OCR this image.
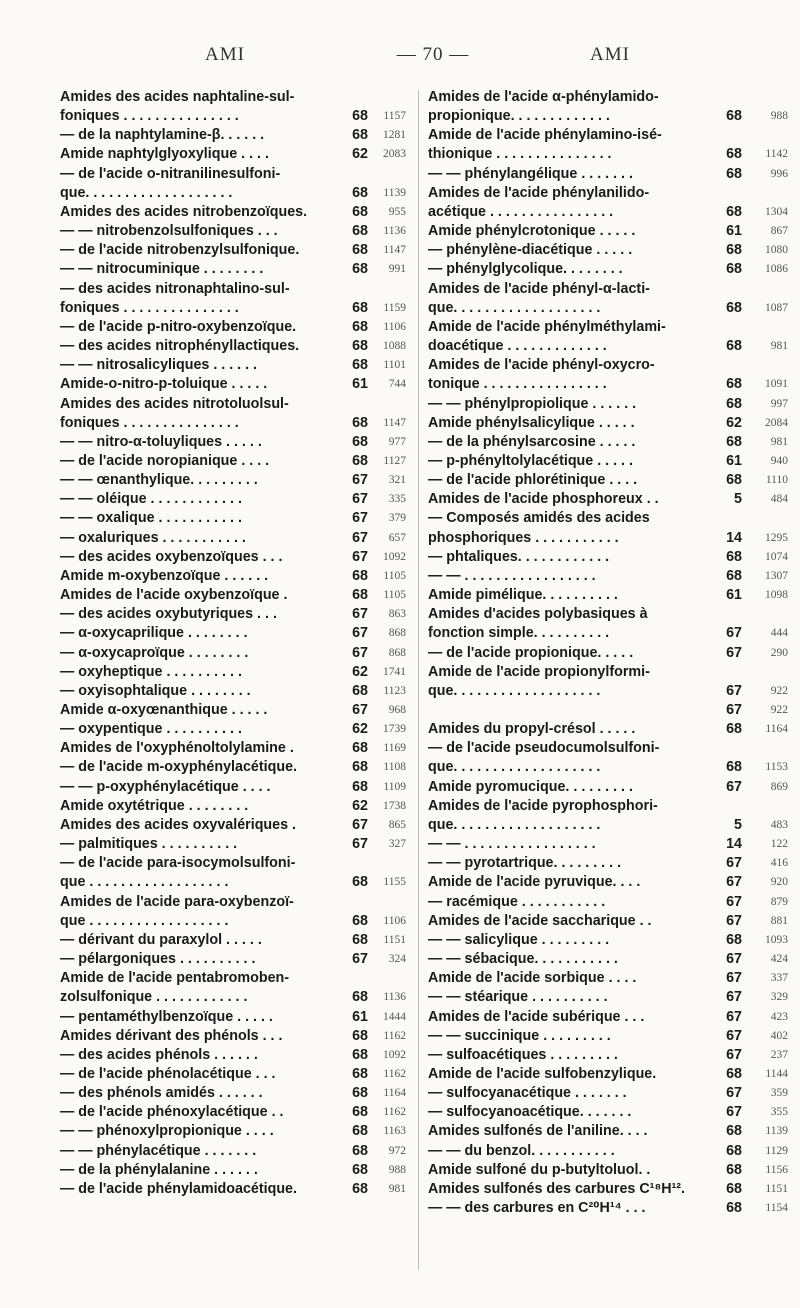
AMI	— 70 —	AMI
Amides des acides naphtaline-sul-
foniques . . . . . . . . . . . . . . .	68	1157
— de la naphtylamine-β. . . . . .	68	1281
Amide naphtylglyoxylique . . . .	62	2083
— de l'acide o-nitranilinesulfoni-
que. . . . . . . . . . . . . . . . . . .	68	1139
Amides des acides nitrobenzoïques.	68	955
— — nitrobenzolsulfoniques . . .	68	1136
— de l'acide nitrobenzylsulfonique.	68	1147
— — nitrocuminique . . . . . . . .	68	991
— des acides nitronaphtalino-sul-
foniques . . . . . . . . . . . . . . .	68	1159
— de l'acide p-nitro-oxybenzoïque.	68	1106
— des acides nitrophényllactiques.	68	1088
— — nitrosalicyliques . . . . . .	68	1101
Amide-o-nitro-p-toluique . . . . .	61	744
Amides des acides nitrotoluolsul-
foniques . . . . . . . . . . . . . . .	68	1147
— — nitro-α-toluyliques . . . . .	68	977
— de l'acide noropianique . . . .	68	1127
— — œnanthylique. . . . . . . . .	67	321
— — oléique . . . . . . . . . . . .	67	335
— — oxalique . . . . . . . . . . .	67	379
— oxaluriques . . . . . . . . . . .	67	657
— des acides oxybenzoïques . . .	67	1092
Amide m-oxybenzoïque . . . . . .	68	1105
Amides de l'acide oxybenzoïque .	68	1105
— des acides oxybutyriques . . .	67	863
— α-oxycaprilique . . . . . . . .	67	868
— α-oxycaproïque . . . . . . . .	67	868
— oxyheptique . . . . . . . . . .	62	1741
— oxyisophtalique . . . . . . . .	68	1123
Amide α-oxyœnanthique . . . . .	67	968
— oxypentique . . . . . . . . . .	62	1739
Amides de l'oxyphénoltolylamine .	68	1169
— de l'acide m-oxyphénylacétique.	68	1108
— — p-oxyphénylacétique . . . .	68	1109
Amide oxytétrique . . . . . . . .	62	1738
Amides des acides oxyvalériques .	67	865
— palmitiques . . . . . . . . . .	67	327
— de l'acide para-isocymolsulfoni-
que . . . . . . . . . . . . . . . . . .	68	1155
Amides de l'acide para-oxybenzoï-
que . . . . . . . . . . . . . . . . . .	68	1106
— dérivant du paraxylol . . . . .	68	1151
— pélargoniques . . . . . . . . . .	67	324
Amide de l'acide pentabromoben-
zolsulfonique . . . . . . . . . . . .	68	1136
— pentaméthylbenzoïque . . . . .	61	1444
Amides dérivant des phénols . . .	68	1162
— des acides phénols . . . . . .	68	1092
— de l'acide phénolacétique . . .	68	1162
— des phénols amidés . . . . . .	68	1164
— de l'acide phénoxylacétique . .	68	1162
— — phénoxylpropionique . . . .	68	1163
— — phénylacétique . . . . . . .	68	972
— de la phénylalanine . . . . . .	68	988
— de l'acide phénylamidoacétique.	68	981
Amides de l'acide α-phénylamido-
propionique. . . . . . . . . . . . .	68	988
Amide de l'acide phénylamino-isé-
thionique . . . . . . . . . . . . . . .	68	1142
— — phénylangélique . . . . . . .	68	996
Amides de l'acide phénylanilido-
acétique . . . . . . . . . . . . . . . .	68	1304
Amide phénylcrotonique . . . . .	61	867
— phénylène-diacétique . . . . .	68	1080
— phénylglycolique. . . . . . . .	68	1086
Amides de l'acide phényl-α-lacti-
que. . . . . . . . . . . . . . . . . . .	68	1087
Amide de l'acide phénylméthylami-
doacétique . . . . . . . . . . . . .	68	981
Amides de l'acide phényl-oxycro-
tonique . . . . . . . . . . . . . . . .	68	1091
— — phénylpropiolique . . . . . .	68	997
Amide phénylsalicylique . . . . .	62	2084
— de la phénylsarcosine . . . . .	68	981
— p-phényltolylacétique . . . . .	61	940
— de l'acide phlorétinique . . . .	68	1110
Amides de l'acide phosphoreux . .	5	484
— Composés amidés des acides
phosphoriques . . . . . . . . . . .	14	1295
— phtaliques. . . . . . . . . . . .	68	1074
— — . . . . . . . . . . . . . . . . .	68	1307
Amide pimélique. . . . . . . . . .	61	1098
Amides d'acides polybasiques à
fonction simple. . . . . . . . . .	67	444
— de l'acide propionique. . . . .	67	290
Amide de l'acide propionylformi-
que. . . . . . . . . . . . . . . . . . .	67	922
67	922
Amides du propyl-crésol . . . . .	68	1164
— de l'acide pseudocumolsulfoni-
que. . . . . . . . . . . . . . . . . . .	68	1153
Amide pyromucique. . . . . . . . .	67	869
Amides de l'acide pyrophosphori-
que. . . . . . . . . . . . . . . . . . .	5	483
— — . . . . . . . . . . . . . . . . .	14	122
— — pyrotartrique. . . . . . . . .	67	416
Amide de l'acide pyruvique. . . .	67	920
— racémique . . . . . . . . . . .	67	879
Amides de l'acide saccharique . .	67	881
— — salicylique . . . . . . . . .	68	1093
— — sébacique. . . . . . . . . . .	67	424
Amide de l'acide sorbique . . . .	67	337
— — stéarique . . . . . . . . . .	67	329
Amides de l'acide subérique . . .	67	423
— — succinique . . . . . . . . .	67	402
— sulfoacétiques . . . . . . . . .	67	237
Amide de l'acide sulfobenzylique.	68	1144
— sulfocyanacétique . . . . . . .	67	359
— sulfocyanoacétique. . . . . . .	67	355
Amides sulfonés de l'aniline. . . .	68	1139
— — du benzol. . . . . . . . . . .	68	1129
Amide sulfoné du p-butyltoluol. .	68	1156
Amides sulfonés des carbures C¹⁸H¹².	68	1151
— — des carbures en C²⁰H¹⁴ . . .	68	1154
